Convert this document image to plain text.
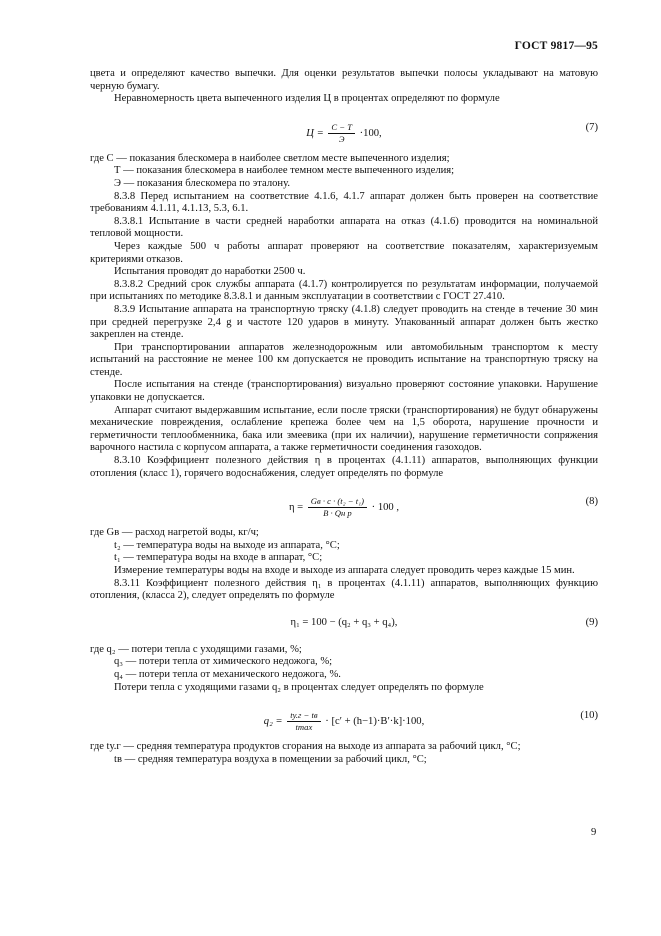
ГОСТ 9817—95

цвета и определяют качество выпечки. Для оценки результатов выпечки полосы укладывают на матовую черную бумагу.

Неравномерность цвета выпеченного изделия Ц в процентах определяют по формуле

$Ц = \frac{С - Т}{Э} \cdot 100$,
(7)

где С — показания блескомера в наиболее светлом месте выпеченного изделия;

Т — показания блескомера в наиболее темном месте выпеченного изделия;

Э — показания блескомера по эталону.

8.3.8 Перед испытанием на соответствие 4.1.6, 4.1.7 аппарат должен быть проверен на соответствие требованиям 4.1.11, 4.1.13, 5.3, 6.1.

8.3.8.1 Испытание в части средней наработки аппарата на отказ (4.1.6) проводится на номинальной тепловой мощности.

Через каждые 500 ч работы аппарат проверяют на соответствие показателям, характеризуемым критериями отказов.

Испытания проводят до наработки 2500 ч.

8.3.8.2 Средний срок службы аппарата (4.1.7) контролируется по результатам информации, получаемой при испытаниях по методике 8.3.8.1 и данным эксплуатации в соответствии с ГОСТ 27.410.

8.3.9 Испытание аппарата на транспортную тряску (4.1.8) следует проводить на стенде в течение 30 мин при средней перегрузке 2,4 g и частоте 120 ударов в минуту. Упакованный аппарат должен быть жестко закреплен на стенде.

При транспортировании аппаратов железнодорожным или автомобильным транспортом к месту испытаний на расстояние не менее 100 км допускается не проводить испытание на транспортную тряску на стенде.

После испытания на стенде (транспортирования) визуально проверяют состояние упаковки. Нарушение упаковки не допускается.

Аппарат считают выдержавшим испытание, если после тряски (транспортирования) не будут обнаружены механические повреждения, ослабление крепежа более чем на 1,5 оборота, нарушение прочности и герметичности теплообменника, бака или змеевика (при их наличии), нарушение герметичности сопряжения варочного настила с корпусом аппарата, а также герметичности соединения газоходов.

8.3.10 Коэффициент полезного действия η в процентах (4.1.11) аппаратов, выполняющих функции отопления (класс 1), горячего водоснабжения, следует определять по формуле

$\eta = \frac{\text{Gв · c · (t₂ − t₁)}}{\text{B · Qн р}} \cdot 100$ ,
(8)

где Gв — расход нагретой воды, кг/ч;

t₂ — температура воды на выходе из аппарата, °С;

t₁ — температура воды на входе в аппарат, °С;

Измерение температуры воды на входе и выходе из аппарата следует проводить через каждые 15 мин.

8.3.11 Коэффициент полезного действия η₁ в процентах (4.1.11) аппаратов, выполняющих функцию отопления, (класса 2), следует определять по формуле

η₁ = 100 − (q₂ + q₃ + q₄),	(9)

где q₂ — потери тепла с уходящими газами, %;

q₃ — потери тепла от химического недожога, %;

q₄ — потери тепла от механического недожога, %.

Потери тепла с уходящими газами q₂ в процентах следует определять по формуле

$q_2 = \frac{tу.г - tв}{tmax} \cdot [c' + (h-1)\cdot B'\cdot k]\cdot 100$,
(10)

где tу.г — средняя температура продуктов сгорания на выходе из аппарата за рабочий цикл, °С;

tв — средняя температура воздуха в помещении за рабочий цикл, °С;

9
